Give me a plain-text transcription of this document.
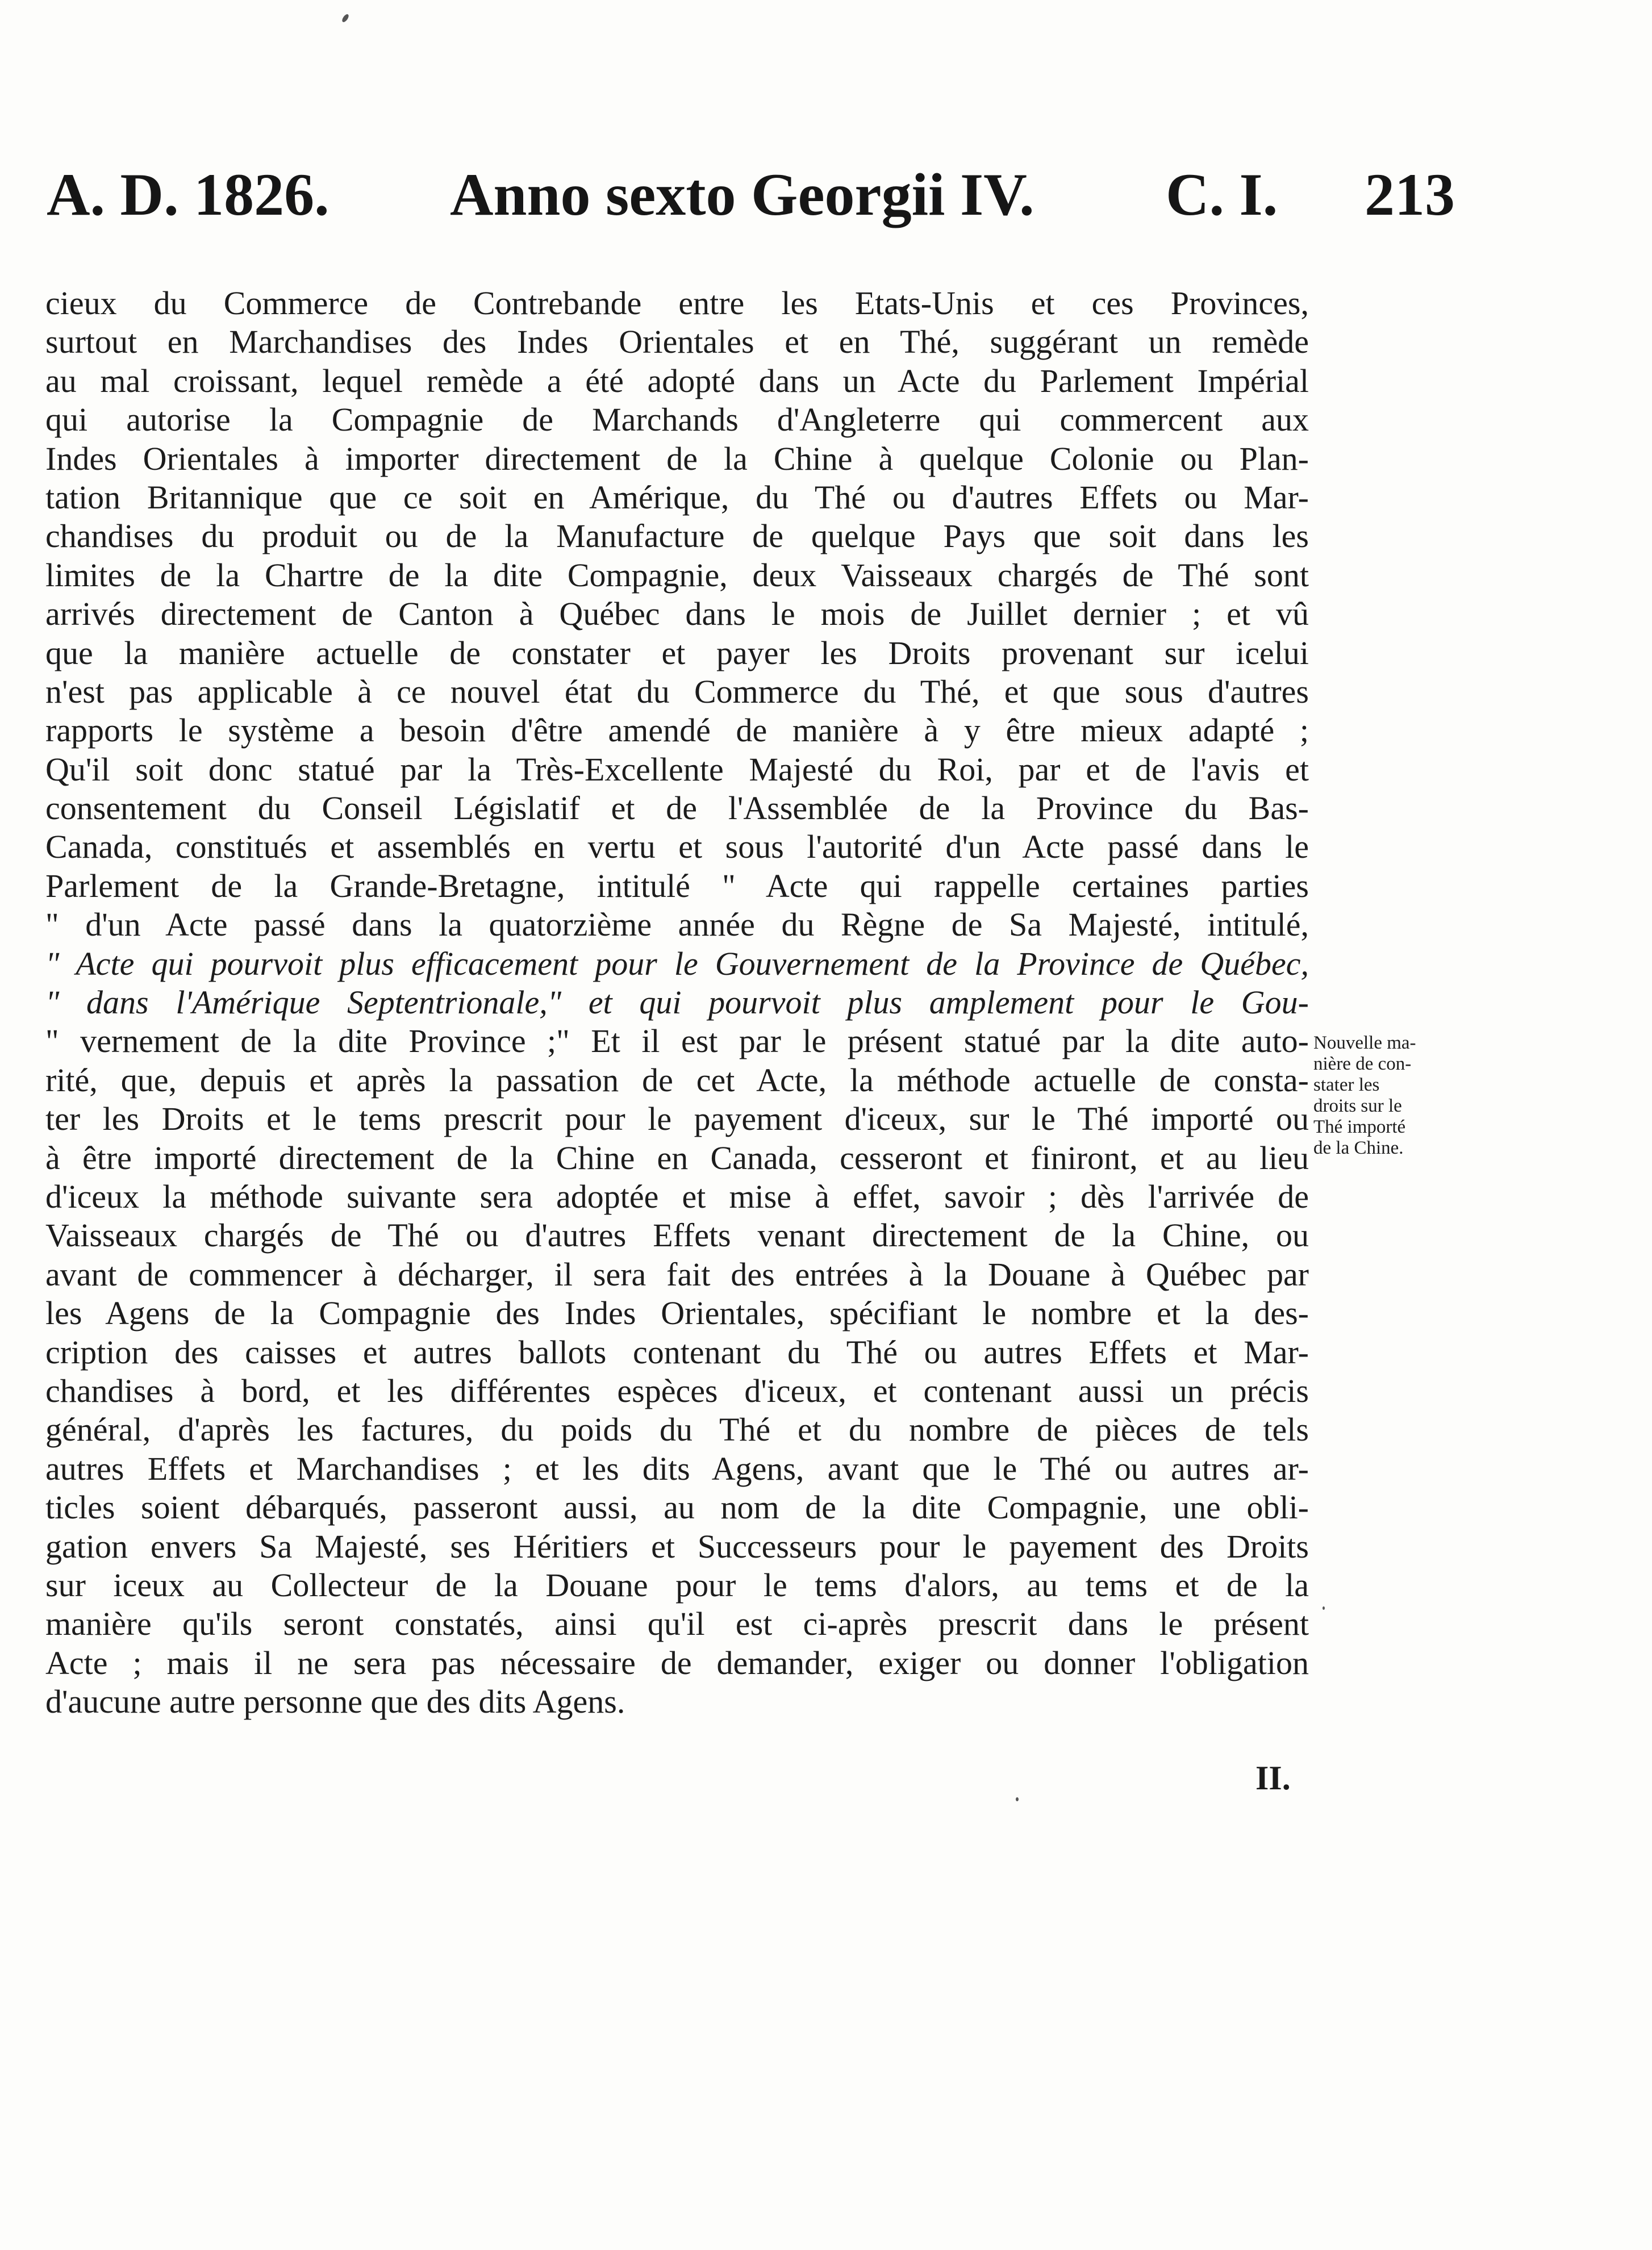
A. D. 1826. Anno sexto Georgii IV. C. I. 213
cieux du Commerce de Contrebande entre les Etats-Unis et ces Provinces,
surtout en Marchandises des Indes Orientales et en Thé, suggérant un remède
au mal croissant, lequel remède a été adopté dans un Acte du Parlement Impérial
qui autorise la Compagnie de Marchands d'Angleterre qui commercent aux
Indes Orientales à importer directement de la Chine à quelque Colonie ou Plan-
tation Britannique que ce soit en Amérique, du Thé ou d'autres Effets ou Mar-
chandises du produit ou de la Manufacture de quelque Pays que soit dans les
limites de la Chartre de la dite Compagnie, deux Vaisseaux chargés de Thé sont
arrivés directement de Canton à Québec dans le mois de Juillet dernier ; et vû
que la manière actuelle de constater et payer les Droits provenant sur icelui
n'est pas applicable à ce nouvel état du Commerce du Thé, et que sous d'autres
rapports le système a besoin d'être amendé de manière à y être mieux adapté ;
Qu'il soit donc statué par la Très-Excellente Majesté du Roi, par et de l'avis et
consentement du Conseil Législatif et de l'Assemblée de la Province du Bas-
Canada, constitués et assemblés en vertu et sous l'autorité d'un Acte passé dans le
Parlement de la Grande-Bretagne, intitulé " Acte qui rappelle certaines parties
" d'un Acte passé dans la quatorzième année du Règne de Sa Majesté, intitulé,
" Acte qui pourvoit plus efficacement pour le Gouvernement de la Province de Québec,
" dans l'Amérique Septentrionale," et qui pourvoit plus amplement pour le Gou-
" vernement de la dite Province ;" Et il est par le présent statué par la dite auto-
rité, que, depuis et après la passation de cet Acte, la méthode actuelle de consta-
ter les Droits et le tems prescrit pour le payement d'iceux, sur le Thé importé ou
à être importé directement de la Chine en Canada, cesseront et finiront, et au lieu
d'iceux la méthode suivante sera adoptée et mise à effet, savoir ; dès l'arrivée de
Vaisseaux chargés de Thé ou d'autres Effets venant directement de la Chine, ou
avant de commencer à décharger, il sera fait des entrées à la Douane à Québec par
les Agens de la Compagnie des Indes Orientales, spécifiant le nombre et la des-
cription des caisses et autres ballots contenant du Thé ou autres Effets et Mar-
chandises à bord, et les différentes espèces d'iceux, et contenant aussi un précis
général, d'après les factures, du poids du Thé et du nombre de pièces de tels
autres Effets et Marchandises ; et les dits Agens, avant que le Thé ou autres ar-
ticles soient débarqués, passeront aussi, au nom de la dite Compagnie, une obli-
gation envers Sa Majesté, ses Héritiers et Successeurs pour le payement des Droits
sur iceux au Collecteur de la Douane pour le tems d'alors, au tems et de la
manière qu'ils seront constatés, ainsi qu'il est ci-après prescrit dans le présent
Acte ; mais il ne sera pas nécessaire de demander, exiger ou donner l'obligation
d'aucune autre personne que des dits Agens.
Nouvelle ma-
nière de con-
stater les
droits sur le
Thé importé
de la Chine.
II.
